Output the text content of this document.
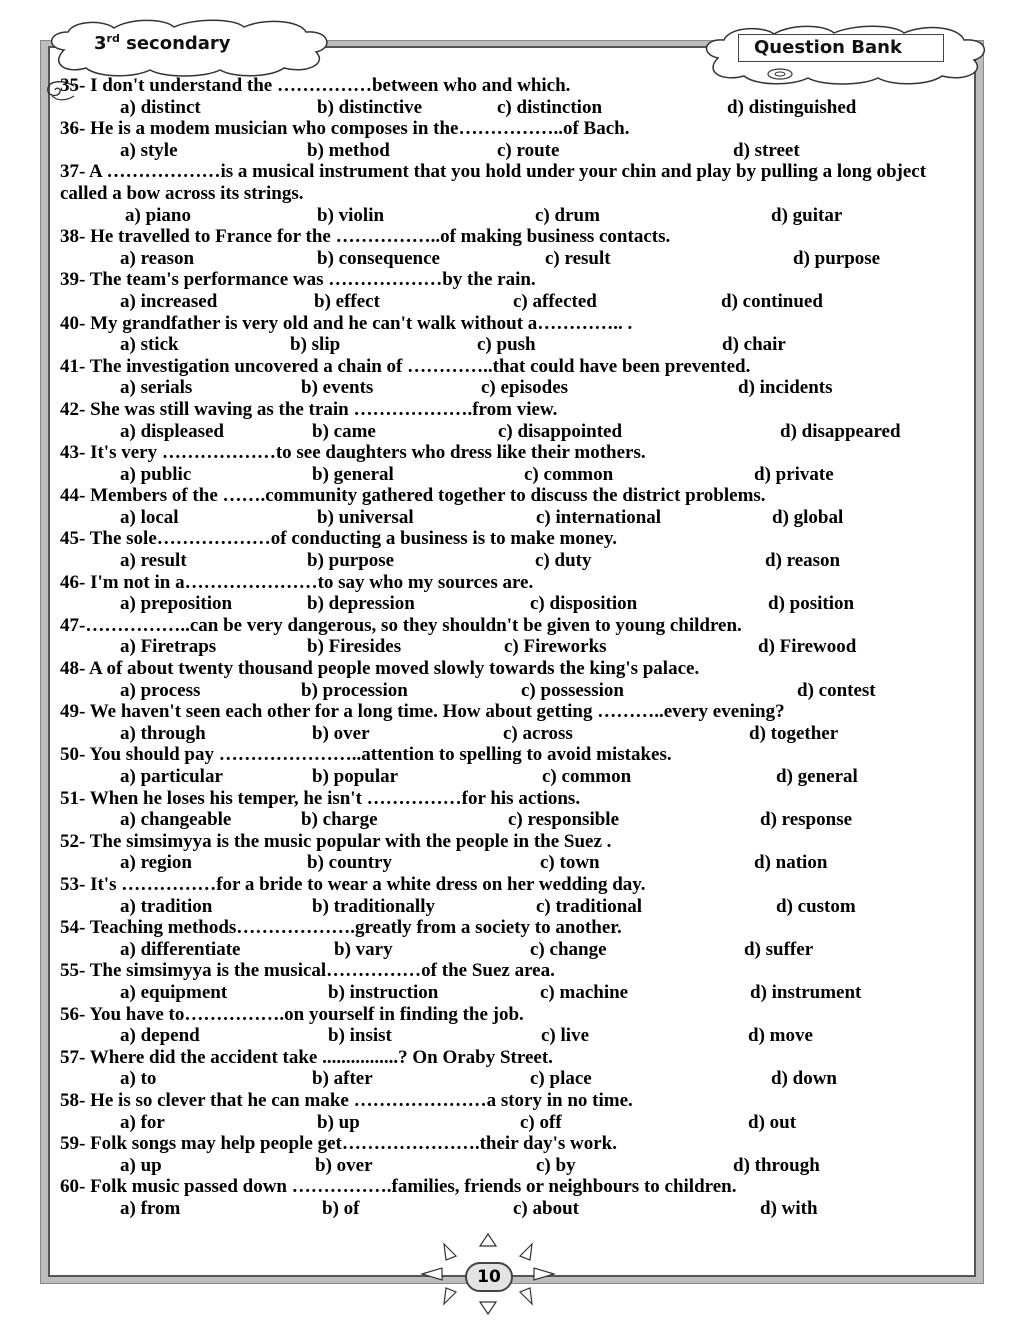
3rd secondary	Question Bank
35- I don't understand the ……………between who and which.
a) distinct	b) distinctive	c) distinction	d) distinguished
36- He is a modem musician who composes in the……………..of Bach.
a) style	b) method	c) route	d) street
37- A ………………is a musical instrument that you hold under your chin and play by pulling a long object called a bow across its strings.
a) piano	b) violin	c) drum	d) guitar
38- He travelled to France for the ……………..of making business contacts.
a) reason	b) consequence	c) result	d) purpose
39- The team's performance was ………………by the rain.
a) increased	b) effect	c) affected	d) continued
40- My grandfather is very old and he can't walk without a………….. .
a) stick	b) slip	c) push	d) chair
41- The investigation uncovered a chain of …………..that could have been prevented.
a) serials	b) events	c) episodes	d) incidents
42- She was still waving as the train ……………….from view.
a) displeased	b) came	c) disappointed	d) disappeared
43- It's very ………………to see daughters who dress like their mothers.
a) public	b) general	c) common	d) private
44- Members of the …….community gathered together to discuss the district problems.
a) local	b) universal	c) international	d) global
45- The sole………………of conducting a business is to make money.
a) result	b) purpose	c) duty	d) reason
46- I'm not in a…………………to say who my sources are.
a) preposition	b) depression	c) disposition	d) position
47-……………..can be very dangerous, so they shouldn't be given to young children.
a) Firetraps	b) Firesides	c) Fireworks	d) Firewood
48- A of about twenty thousand people moved slowly towards the king's palace.
a) process	b) procession	c) possession	d) contest
49- We haven't seen each other for a long time. How about getting ………..every evening?
a) through	b) over	c) across	d) together
50- You should pay …………………..attention to spelling to avoid mistakes.
a) particular	b) popular	c) common	d) general
51- When he loses his temper, he isn't ……………for his actions.
a) changeable	b) charge	c) responsible	d) response
52- The simsimyya is the music popular with the people in the Suez .
a) region	b) country	c) town	d) nation
53- It's ……………for a bride to wear a white dress on her wedding day.
a) tradition	b) traditionally	c) traditional	d) custom
54- Teaching methods……………….greatly from a society to another.
a) differentiate	b) vary	c) change	d) suffer
55- The simsimyya is the musical……………of the Suez area.
a) equipment	b) instruction	c) machine	d) instrument
56- You have to…………….on yourself in finding the job.
a) depend	b) insist	c) live	d) move
57- Where did the accident take ................? On Oraby Street.
a) to	b) after	c) place	d) down
58- He is so clever that he can make …………………a story in no time.
a) for	b) up	c) off	d) out
59- Folk songs may help people get………………….their day's work.
a) up	b) over	c) by	d) through
60- Folk music passed down …………….families, friends or neighbours to children.
a) from	b) of	c) about	d) with
10
